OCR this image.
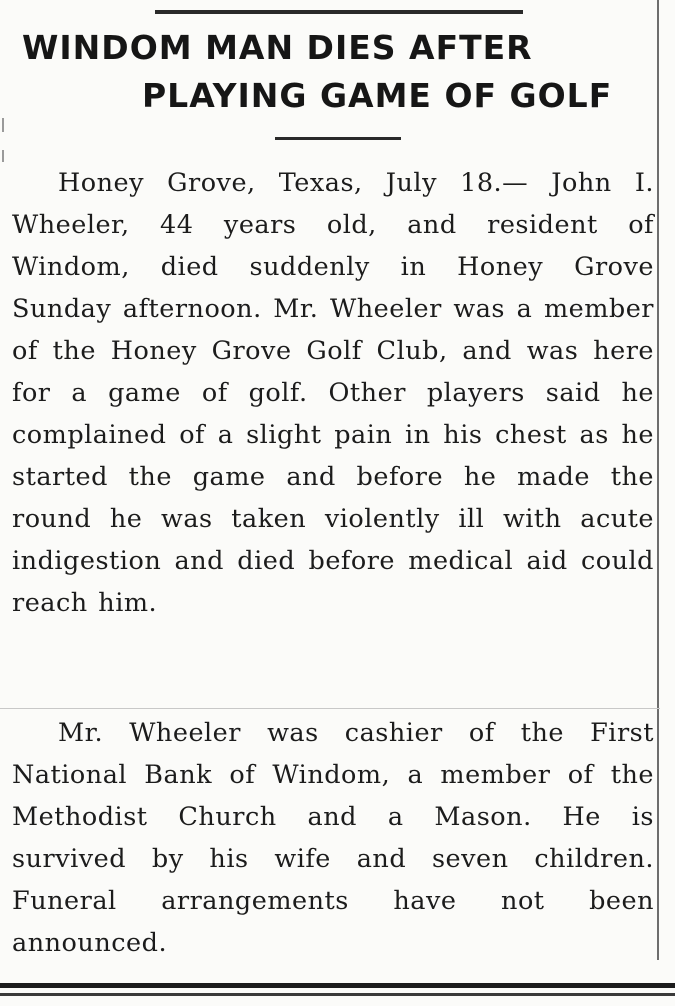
WINDOM MAN DIES AFTER
PLAYING GAME OF GOLF
Honey Grove, Texas, July 18.— John I. Wheeler, 44 years old, and resident of Windom, died suddenly in Honey Grove Sunday afternoon. Mr. Wheeler was a member of the Honey Grove Golf Club, and was here for a game of golf. Other players said he complained of a slight pain in his chest as he started the game and before he made the round he was taken violently ill with acute indigestion and died before medical aid could reach him.
Mr. Wheeler was cashier of the First National Bank of Windom, a member of the Methodist Church and a Mason. He is survived by his wife and seven children. Funeral arrangements have not been announced.
